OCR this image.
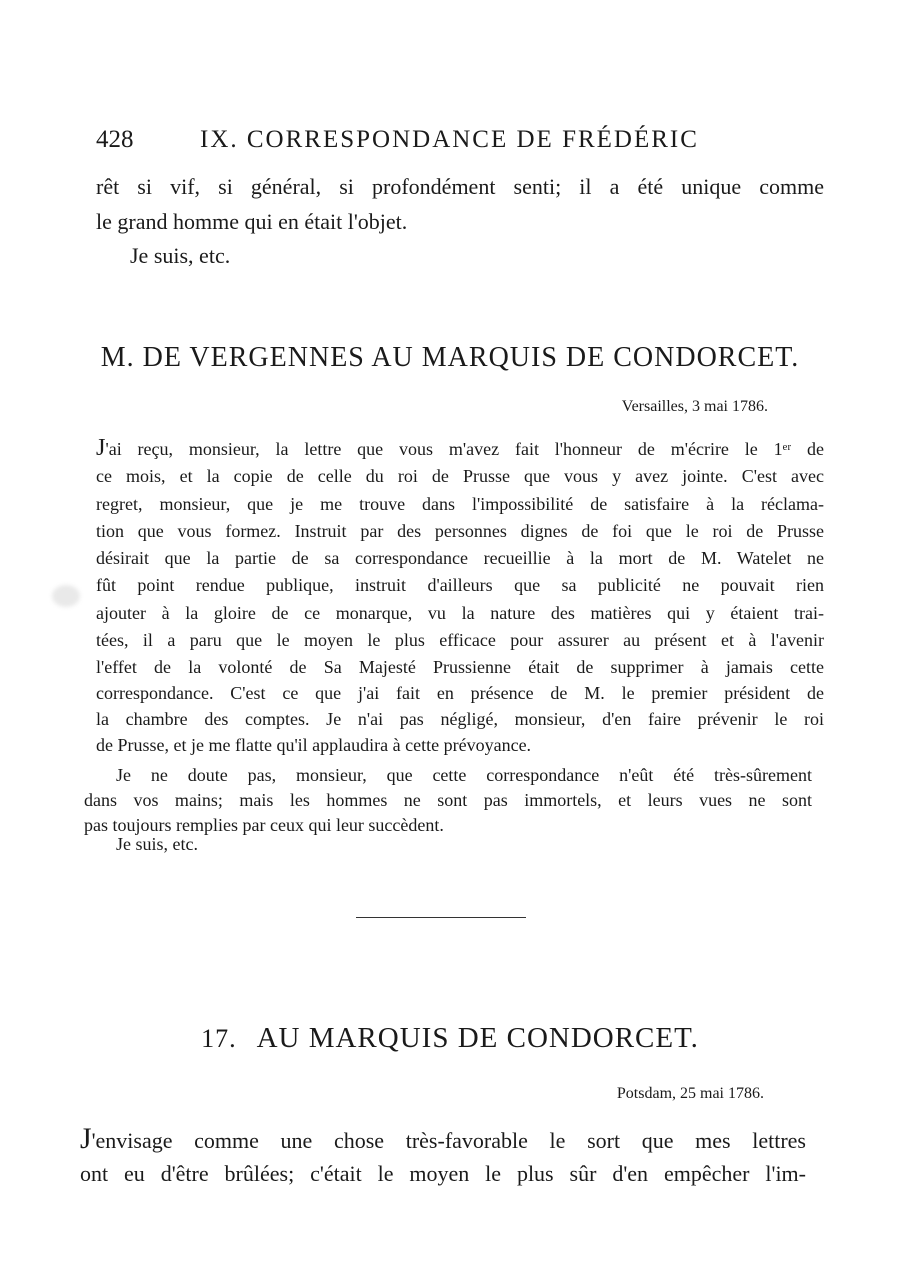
428	IX. CORRESPONDANCE DE FRÉDÉRIC

rêt si vif, si général, si profondément senti; il a été unique comme

le grand homme qui en était l'objet.

Je suis, etc.

M. DE VERGENNES AU MARQUIS DE CONDORCET.

Versailles, 3 mai 1786.

J'ai reçu, monsieur, la lettre que vous m'avez fait l'honneur de m'écrire le 1ᵉʳ de

ce mois, et la copie de celle du roi de Prusse que vous y avez jointe. C'est avec

regret, monsieur, que je me trouve dans l'impossibilité de satisfaire à la réclama-

tion que vous formez. Instruit par des personnes dignes de foi que le roi de Prusse

désirait que la partie de sa correspondance recueillie à la mort de M. Watelet ne

fût point rendue publique, instruit d'ailleurs que sa publicité ne pouvait rien

ajouter à la gloire de ce monarque, vu la nature des matières qui y étaient trai-

tées, il a paru que le moyen le plus efficace pour assurer au présent et à l'avenir

l'effet de la volonté de Sa Majesté Prussienne était de supprimer à jamais cette

correspondance. C'est ce que j'ai fait en présence de M. le premier président de

la chambre des comptes. Je n'ai pas négligé, monsieur, d'en faire prévenir le roi

de Prusse, et je me flatte qu'il applaudira à cette prévoyance.

Je ne doute pas, monsieur, que cette correspondance n'eût été très-sûrement

dans vos mains; mais les hommes ne sont pas immortels, et leurs vues ne sont

pas toujours remplies par ceux qui leur succèdent.

Je suis, etc.

17. AU MARQUIS DE CONDORCET.

Potsdam, 25 mai 1786.

J'envisage comme une chose très-favorable le sort que mes lettres

ont eu d'être brûlées; c'était le moyen le plus sûr d'en empêcher l'im-
